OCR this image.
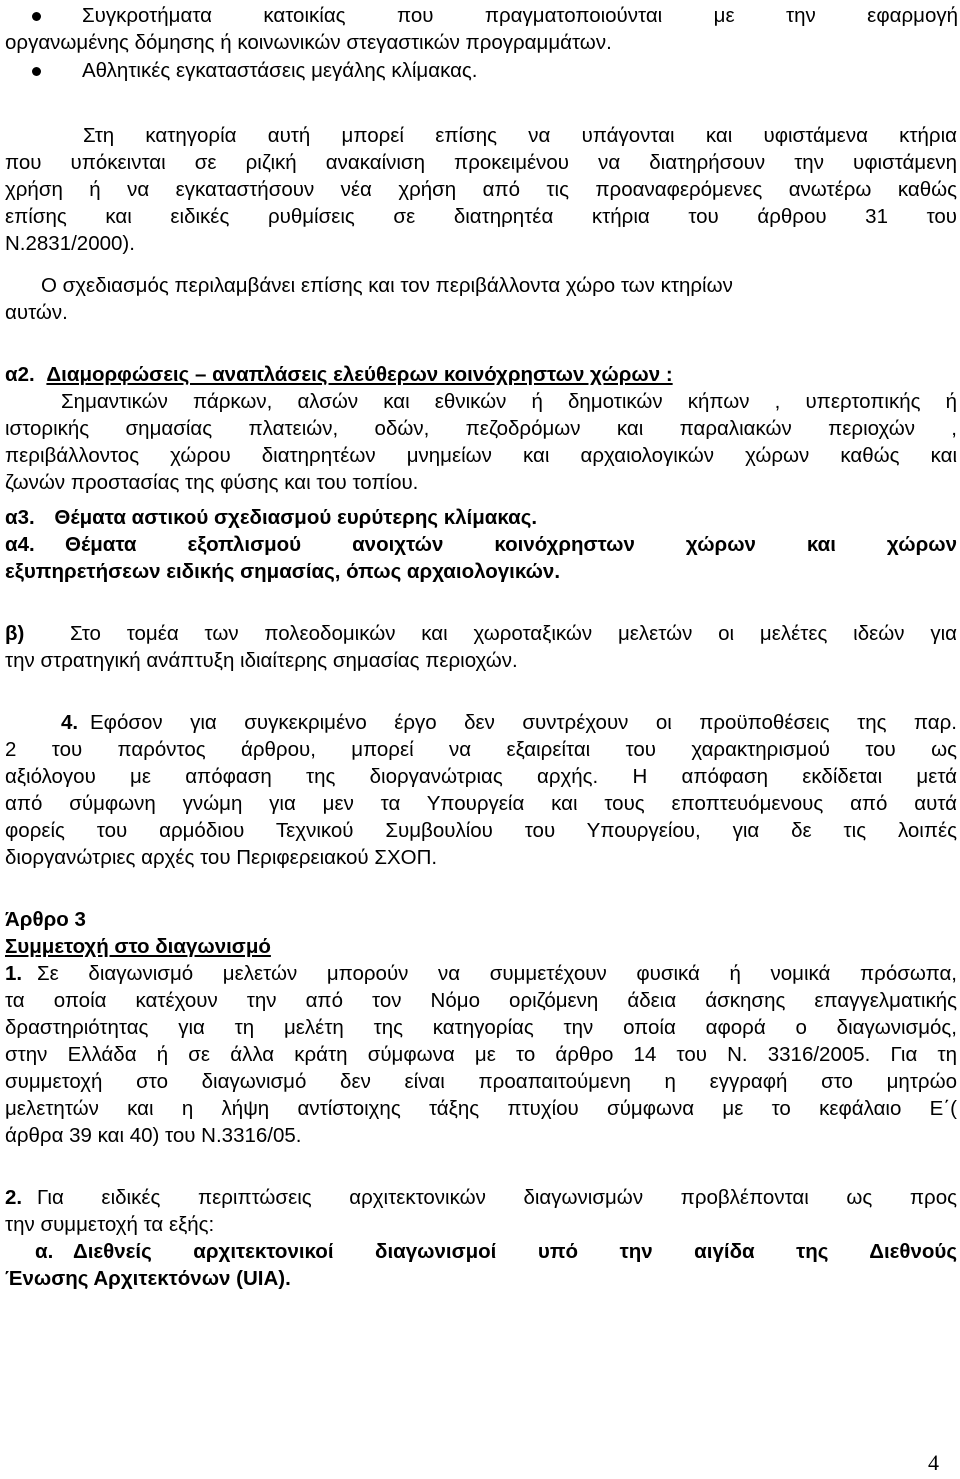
Συγκροτήματα κατοικίας που πραγματοποιούνται με την εφαρμογή
οργανωμένης δόμησης ή κοινωνικών στεγαστικών προγραμμάτων.
Αθλητικές εγκαταστάσεις μεγάλης κλίμακας.
Στη κατηγορία αυτή μπορεί επίσης να υπάγονται και υφιστάμενα κτήρια
που υπόκεινται σε ριζική ανακαίνιση προκειμένου να διατηρήσουν την υφιστάμενη
χρήση ή να εγκαταστήσουν νέα χρήση από τις προαναφερόμενες ανωτέρω καθώς
επίσης και ειδικές ρυθμίσεις σε διατηρητέα κτήρια του άρθρου 31 του
Ν.2831/2000).
Ο σχεδιασμός περιλαμβάνει επίσης και τον περιβάλλοντα χώρο των κτηρίων
αυτών.
α2. Διαμορφώσεις – αναπλάσεις ελεύθερων κοινόχρηστων χώρων :
Σημαντικών πάρκων, αλσών και εθνικών ή δημοτικών κήπων , υπερτοπικής ή
ιστορικής σημασίας πλατειών, οδών, πεζοδρόμων και παραλιακών περιοχών ,
περιβάλλοντος χώρου διατηρητέων μνημείων και αρχαιολογικών χώρων καθώς και
ζωνών προστασίας της φύσης και του τοπίου.
α3. Θέματα αστικού σχεδιασμού ευρύτερης κλίμακας.
α4.	Θέματα εξοπλισμού ανοιχτών κοινόχρηστων χώρων και χώρων
εξυπηρετήσεων ειδικής σημασίας, όπως αρχαιολογικών.
β)	Στο τομέα των πολεοδομικών και χωροταξικών μελετών οι μελέτες ιδεών για
την στρατηγική ανάπτυξη ιδιαίτερης σημασίας περιοχών.
4. Εφόσον για συγκεκριμένο έργο δεν συντρέχουν οι προϋποθέσεις της παρ.
2 του παρόντος άρθρου, μπορεί να εξαιρείται του χαρακτηρισμού του ως
αξιόλογου με απόφαση της διοργανώτριας αρχής. Η απόφαση εκδίδεται μετά
από σύμφωνη γνώμη για μεν τα Υπουργεία και τους εποπτευόμενους από αυτά
φορείς του αρμόδιου Τεχνικού Συμβουλίου του Υπουργείου, για δε τις λοιπές
διοργανώτριες αρχές του Περιφερειακού ΣΧΟΠ.
Άρθρο 3
Συμμετοχή στο διαγωνισμό
1. Σε διαγωνισμό μελετών μπορούν να συμμετέχουν φυσικά ή νομικά πρόσωπα,
τα οποία κατέχουν την από τον Νόμο οριζόμενη άδεια άσκησης επαγγελματικής
δραστηριότητας για τη μελέτη της κατηγορίας την οποία αφορά ο διαγωνισμός,
στην Ελλάδα ή σε άλλα κράτη σύμφωνα με το άρθρο 14 του Ν. 3316/2005. Για τη
συμμετοχή στο διαγωνισμό δεν είναι προαπαιτούμενη η εγγραφή στο μητρώο
μελετητών και η λήψη αντίστοιχης τάξης πτυχίου σύμφωνα με το κεφάλαιο Ε΄(
άρθρα 39 και 40) του Ν.3316/05.
2. Για ειδικές περιπτώσεις αρχιτεκτονικών διαγωνισμών προβλέπονται ως προς
την συμμετοχή τα εξής:
α. Διεθνείς αρχιτεκτονικοί διαγωνισμοί υπό την αιγίδα της Διεθνούς
Ένωσης Αρχιτεκτόνων (UIA).
4
